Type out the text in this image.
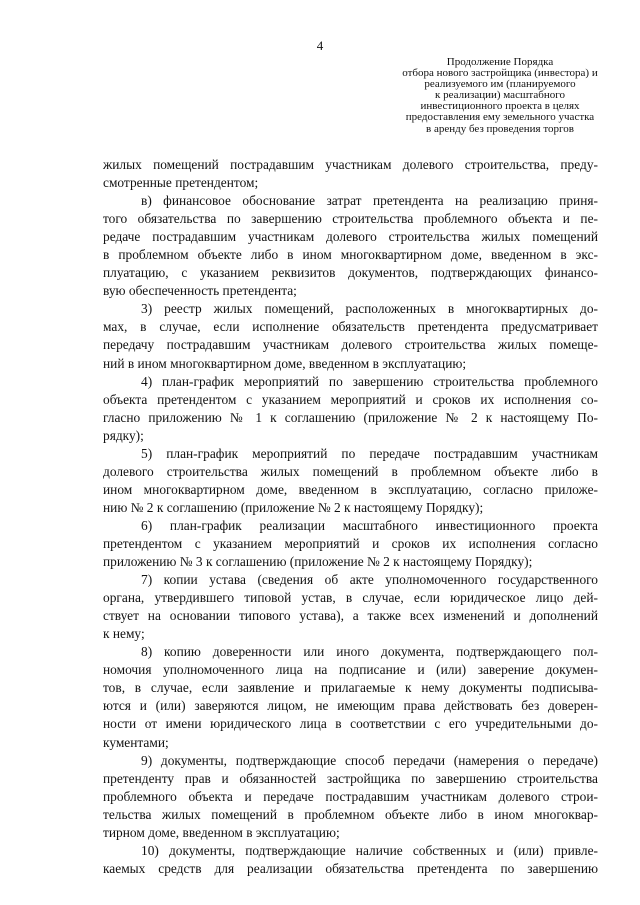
4
Продолжение Порядка
отбора нового застройщика (инвестора) и
реализуемого им (планируемого
к реализации) масштабного
инвестиционного проекта в целях
предоставления ему земельного участка
в аренду без проведения торгов
жилых помещений пострадавшим участникам долевого строительства, преду-
смотренные претендентом;
в) финансовое обоснование затрат претендента на реализацию приня-
того обязательства по завершению строительства проблемного объекта и пе-
редаче пострадавшим участникам долевого строительства жилых помещений
в проблемном объекте либо в ином многоквартирном доме, введенном в экс-
плуатацию, с указанием реквизитов документов, подтверждающих финансо-
вую обеспеченность претендента;
3) реестр жилых помещений, расположенных в многоквартирных до-
мах, в случае, если исполнение обязательств претендента предусматривает
передачу пострадавшим участникам долевого строительства жилых помеще-
ний в ином многоквартирном доме, введенном в эксплуатацию;
4) план-график мероприятий по завершению строительства проблемного
объекта претендентом с указанием мероприятий и сроков их исполнения со-
гласно приложению № 1 к соглашению (приложение № 2 к настоящему По-
рядку);
5) план-график мероприятий по передаче пострадавшим участникам
долевого строительства жилых помещений в проблемном объекте либо в
ином многоквартирном доме, введенном в эксплуатацию, согласно приложе-
нию № 2 к соглашению (приложение № 2 к настоящему Порядку);
6) план-график реализации масштабного инвестиционного проекта
претендентом с указанием мероприятий и сроков их исполнения согласно
приложению № 3 к соглашению (приложение № 2 к настоящему Порядку);
7) копии устава (сведения об акте уполномоченного государственного
органа, утвердившего типовой устав, в случае, если юридическое лицо дей-
ствует на основании типового устава), а также всех изменений и дополнений
к нему;
8) копию доверенности или иного документа, подтверждающего пол-
номочия уполномоченного лица на подписание и (или) заверение докумен-
тов, в случае, если заявление и прилагаемые к нему документы подписыва-
ются и (или) заверяются лицом, не имеющим права действовать без доверен-
ности от имени юридического лица в соответствии с его учредительными до-
кументами;
9) документы, подтверждающие способ передачи (намерения о передаче)
претенденту прав и обязанностей застройщика по завершению строительства
проблемного объекта и передаче пострадавшим участникам долевого строи-
тельства жилых помещений в проблемном объекте либо в ином многоквар-
тирном доме, введенном в эксплуатацию;
10) документы, подтверждающие наличие собственных и (или) привле-
каемых средств для реализации обязательства претендента по завершению
